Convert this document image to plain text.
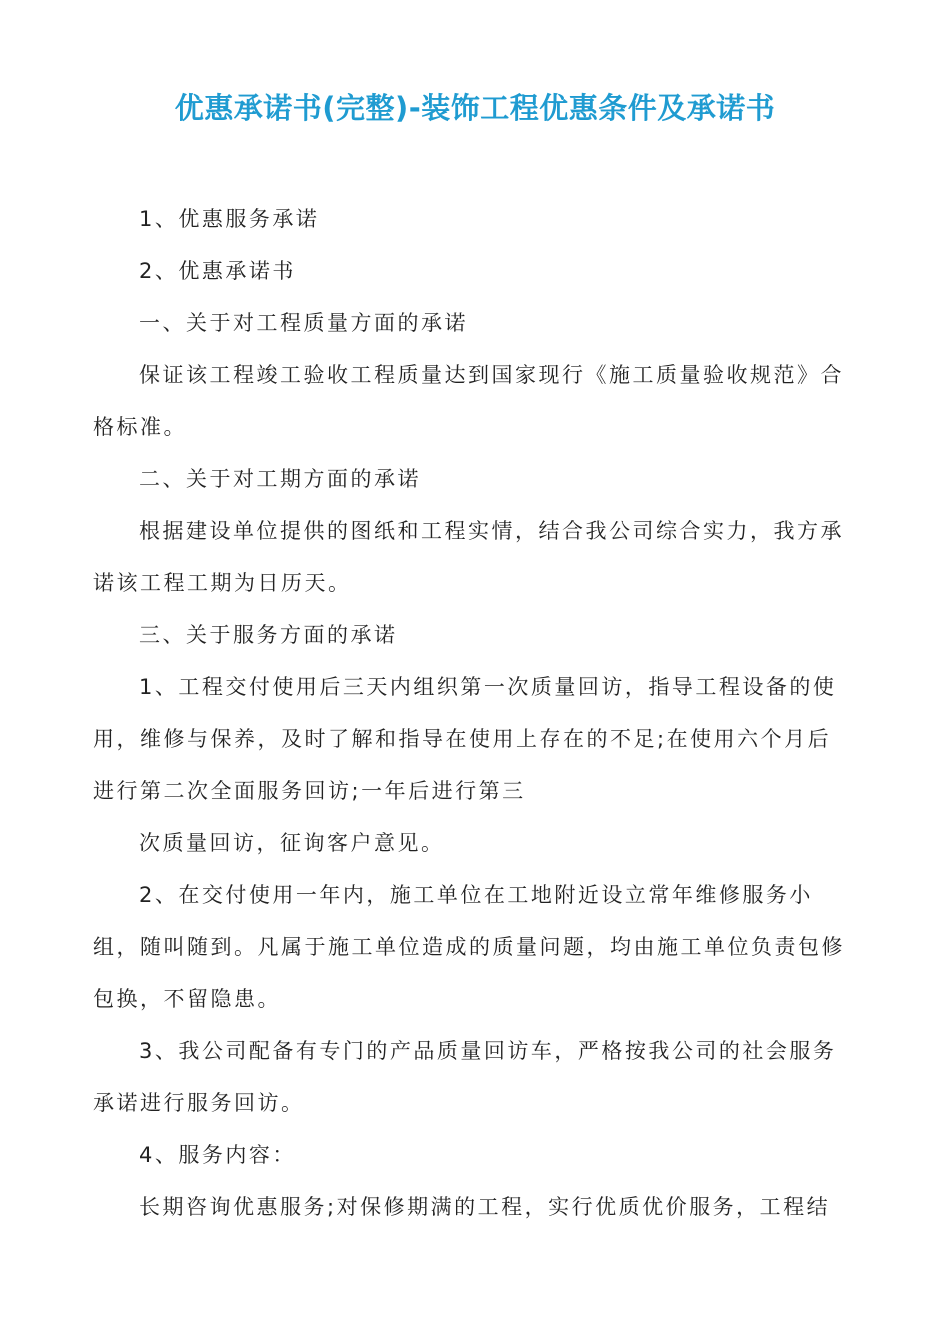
优惠承诺书(完整)-装饰工程优惠条件及承诺书
1、优惠服务承诺
2、优惠承诺书
一、关于对工程质量方面的承诺
保证该工程竣工验收工程质量达到国家现行《施工质量验收规范》合
格标准。
二、关于对工期方面的承诺
根据建设单位提供的图纸和工程实情，结合我公司综合实力，我方承
诺该工程工期为日历天。
三、关于服务方面的承诺
1、工程交付使用后三天内组织第一次质量回访，指导工程设备的使
用，维修与保养，及时了解和指导在使用上存在的不足;在使用六个月后
进行第二次全面服务回访;一年后进行第三
次质量回访，征询客户意见。
2、在交付使用一年内，施工单位在工地附近设立常年维修服务小
组，随叫随到。凡属于施工单位造成的质量问题，均由施工单位负责包修
包换，不留隐患。
3、我公司配备有专门的产品质量回访车，严格按我公司的社会服务
承诺进行服务回访。
4、服务内容：
长期咨询优惠服务;对保修期满的工程，实行优质优价服务，工程结
